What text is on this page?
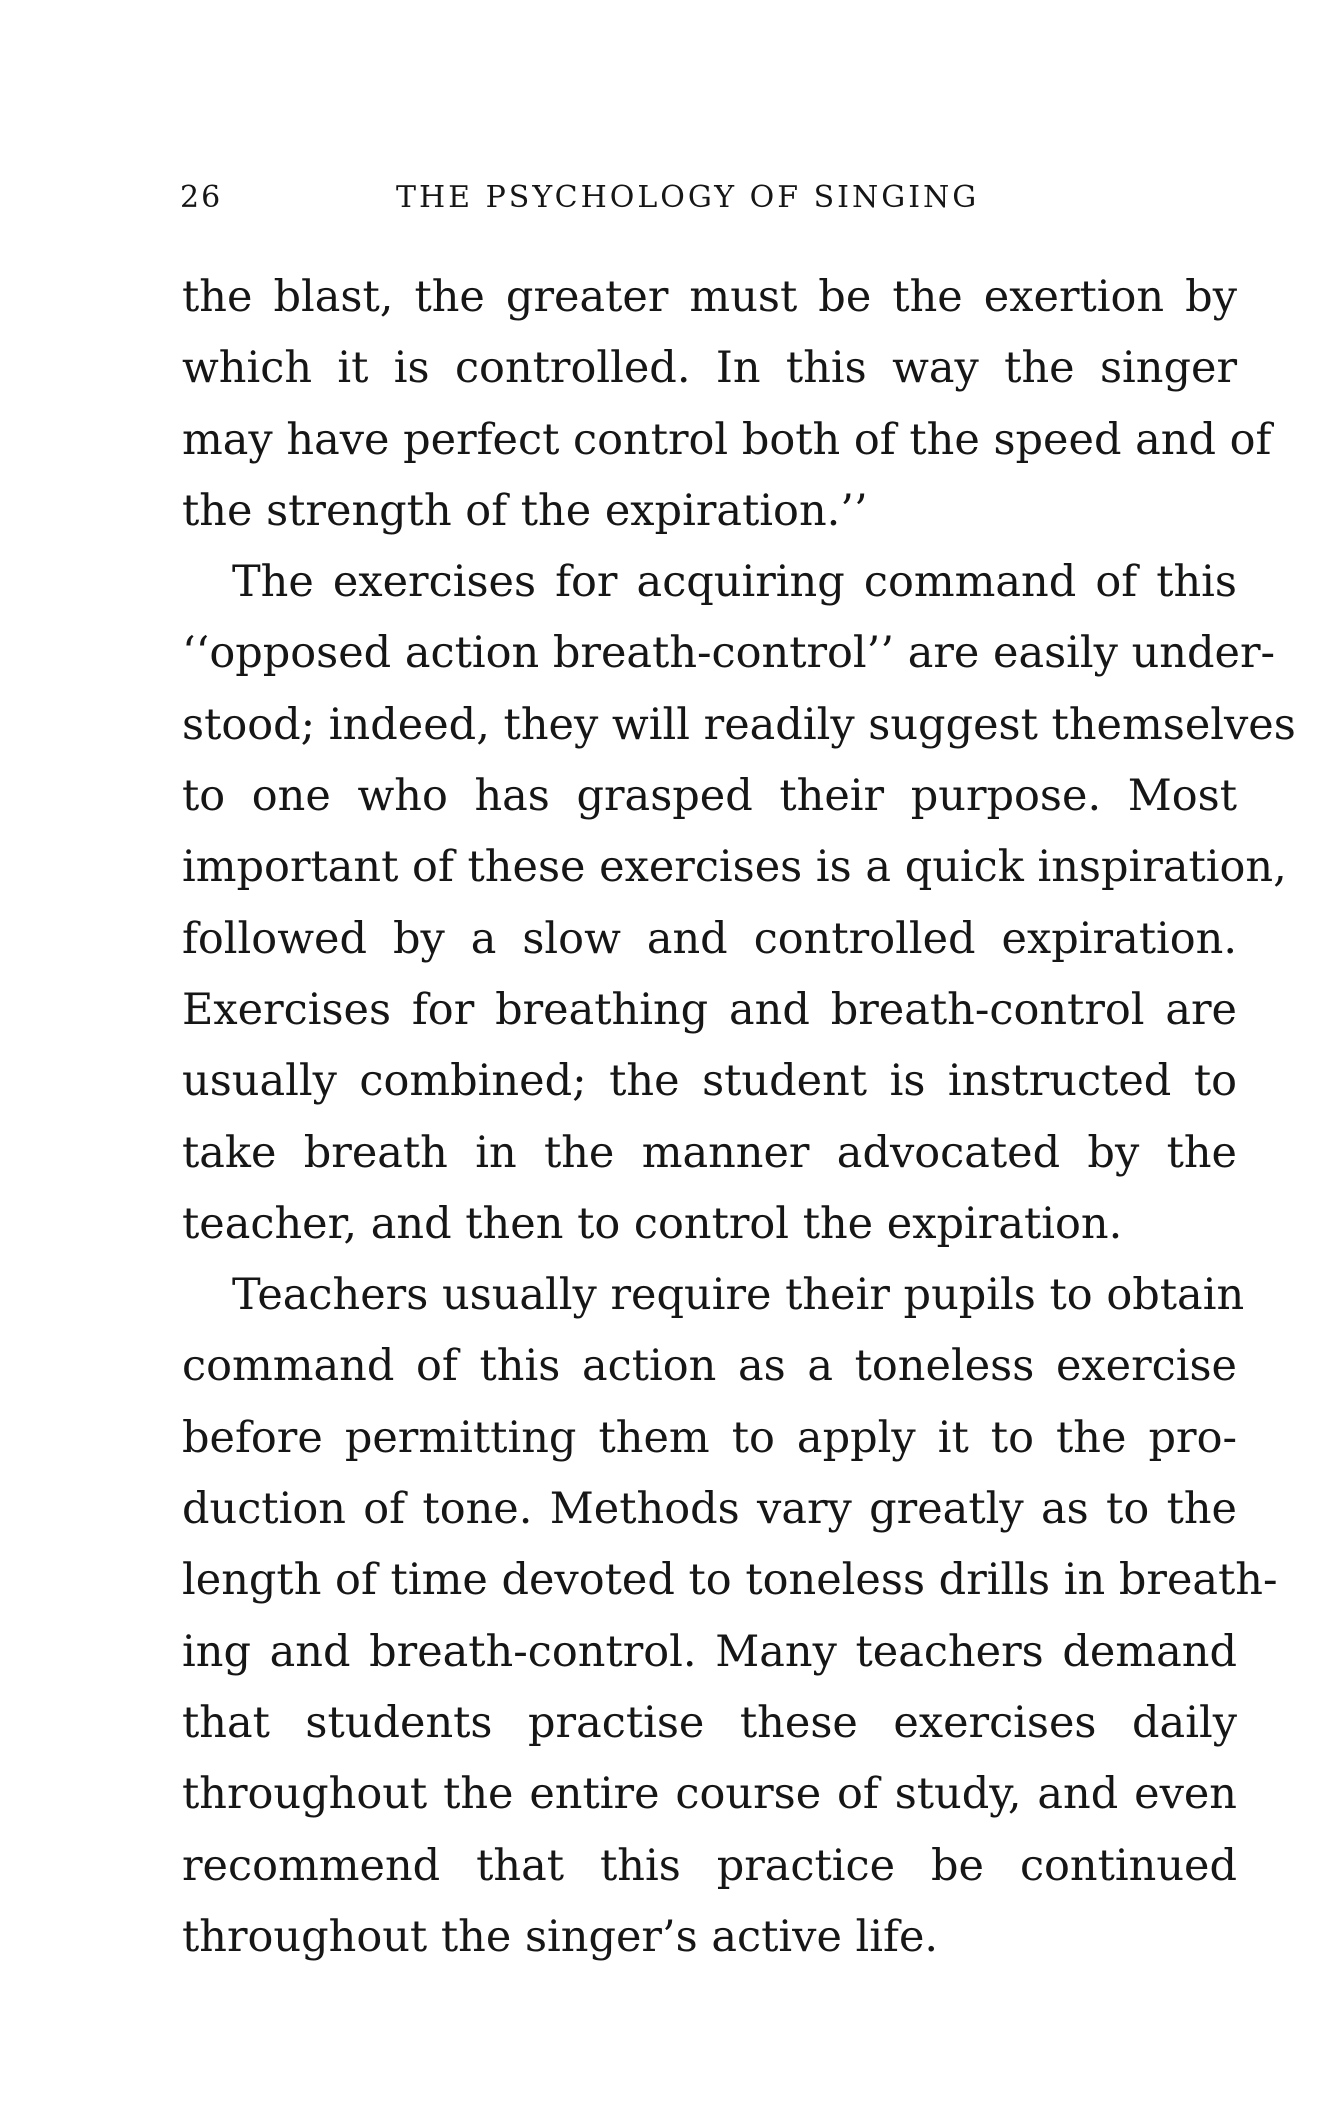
26	THE PSYCHOLOGY OF SINGING
the blast, the greater must be the exertion by
which it is controlled. In this way the singer
may have perfect control both of the speed and of
the strength of the expiration.’’
The exercises for acquiring command of this
‘‘opposed action breath-control’’ are easily under-
stood; indeed, they will readily suggest themselves
to one who has grasped their purpose. Most
important of these exercises is a quick inspiration,
followed by a slow and controlled expiration.
Exercises for breathing and breath-control are
usually combined; the student is instructed to
take breath in the manner advocated by the
teacher, and then to control the expiration.
Teachers usually require their pupils to obtain
command of this action as a toneless exercise
before permitting them to apply it to the pro-
duction of tone. Methods vary greatly as to the
length of time devoted to toneless drills in breath-
ing and breath-control. Many teachers demand
that students practise these exercises daily
throughout the entire course of study, and even
recommend that this practice be continued
throughout the singer’s active life.
